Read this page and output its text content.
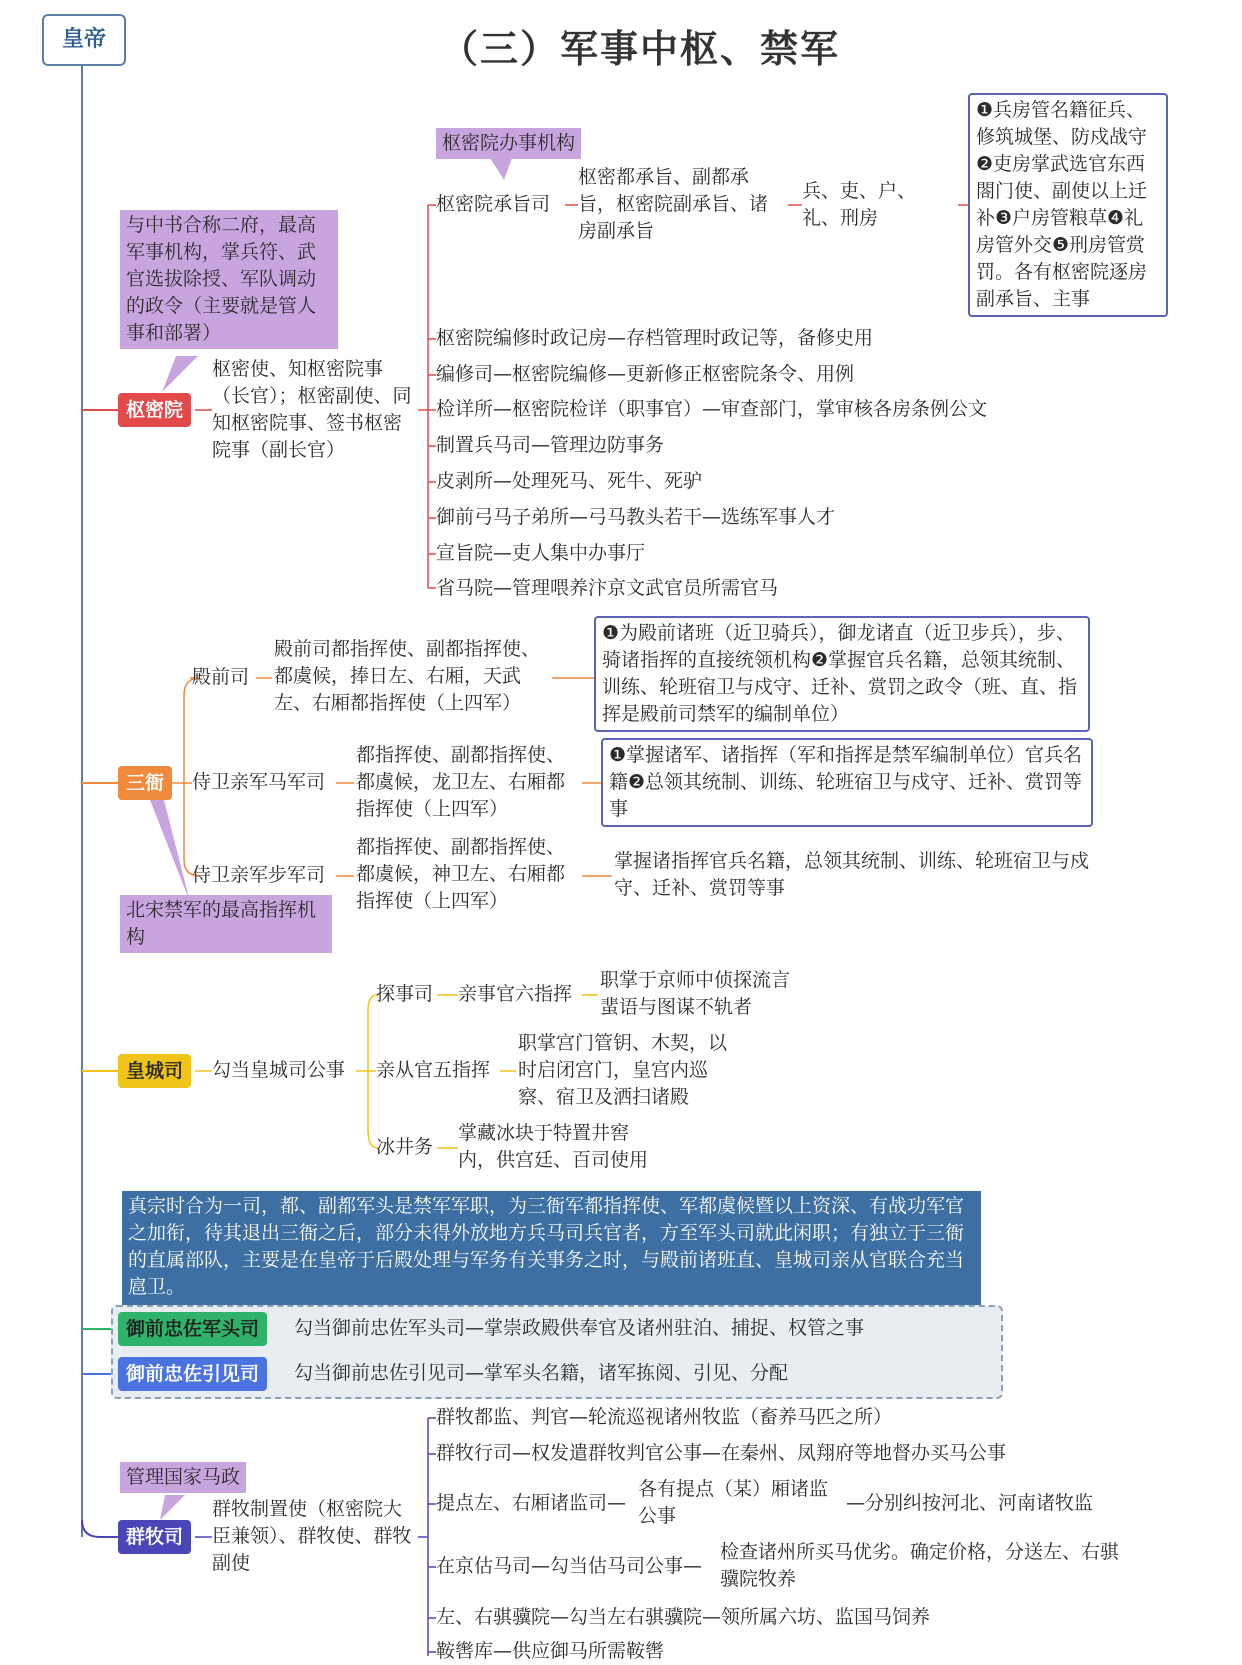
皇帝	（三）军事中枢、禁军
与中书合称二府，最高军事机构，掌兵符、武官选拔除授、军队调动的政令（主要就是管人事和部署）
枢密院
枢密使、知枢密院事（长官）；枢密副使、同知枢密院事、签书枢密院事（副长官）
枢密院办事机构
枢密院承旨司
枢密都承旨、副都承旨，枢密院副承旨、诸房副承旨
兵、吏、户、礼、刑房
❶兵房管名籍征兵、修筑城堡、防戍战守❷吏房掌武选官东西閤门使、副使以上迁补❸户房管粮草❹礼房管外交❺刑房管赏罚。各有枢密院逐房副承旨、主事
枢密院编修时政记房—存档管理时政记等，备修史用
编修司—枢密院编修—更新修正枢密院条令、用例
检详所—枢密院检详（职事官）—审查部门，掌审核各房条例公文
制置兵马司—管理边防事务
皮剥所—处理死马、死牛、死驴
御前弓马子弟所—弓马教头若干—选练军事人才
宣旨院—吏人集中办事厅
省马院—管理喂养汴京文武官员所需官马
三衙
殿前司
殿前司都指挥使、副都指挥使、都虞候，捧日左、右厢，天武左、右厢都指挥使（上四军）
❶为殿前诸班（近卫骑兵），御龙诸直（近卫步兵），步、骑诸指挥的直接统领机构❷掌握官兵名籍，总领其统制、训练、轮班宿卫与戍守、迁补、赏罚之政令（班、直、指挥是殿前司禁军的编制单位）
侍卫亲军马军司
都指挥使、副都指挥使、都虞候，龙卫左、右厢都指挥使（上四军）
❶掌握诸军、诸指挥（军和指挥是禁军编制单位）官兵名籍❷总领其统制、训练、轮班宿卫与戍守、迁补、赏罚等事
侍卫亲军步军司
都指挥使、副都指挥使、都虞候，神卫左、右厢都指挥使（上四军）
掌握诸指挥官兵名籍，总领其统制、训练、轮班宿卫与戍守、迁补、赏罚等事
北宋禁军的最高指挥机构
皇城司	勾当皇城司公事
探事司 亲事官六指挥
职掌于京师中侦探流言蜚语与图谋不轨者
亲从官五指挥
职掌宫门管钥、木契，以时启闭宫门，皇宫内巡察、宿卫及洒扫诸殿
冰井务
掌藏冰块于特置井窖内，供宫廷、百司使用
真宗时合为一司，都、副都军头是禁军军职，为三衙军都指挥使、军都虞候暨以上资深、有战功军官之加衔，待其退出三衙之后，部分未得外放地方兵马司兵官者，方至军头司就此闲职；有独立于三衙的直属部队，主要是在皇帝于后殿处理与军务有关事务之时，与殿前诸班直、皇城司亲从官联合充当扈卫。
御前忠佐军头司	勾当御前忠佐军头司—掌崇政殿供奉官及诸州驻泊、捕捉、权管之事
御前忠佐引见司	勾当御前忠佐引见司—掌军头名籍，诸军拣阅、引见、分配
管理国家马政
群牧司
群牧制置使（枢密院大臣兼领）、群牧使、群牧副使
群牧都监、判官—轮流巡视诸州牧监（畜养马匹之所）
群牧行司—权发遣群牧判官公事—在秦州、凤翔府等地督办买马公事
提点左、右厢诸监司—
各有提点（某）厢诸监公事
—分别纠按河北、河南诸牧监
在京估马司—勾当估马司公事—
检查诸州所买马优劣。确定价格，分送左、右骐骥院牧养
左、右骐骥院—勾当左右骐骥院—领所属六坊、监国马饲养
鞍辔库—供应御马所需鞍辔
